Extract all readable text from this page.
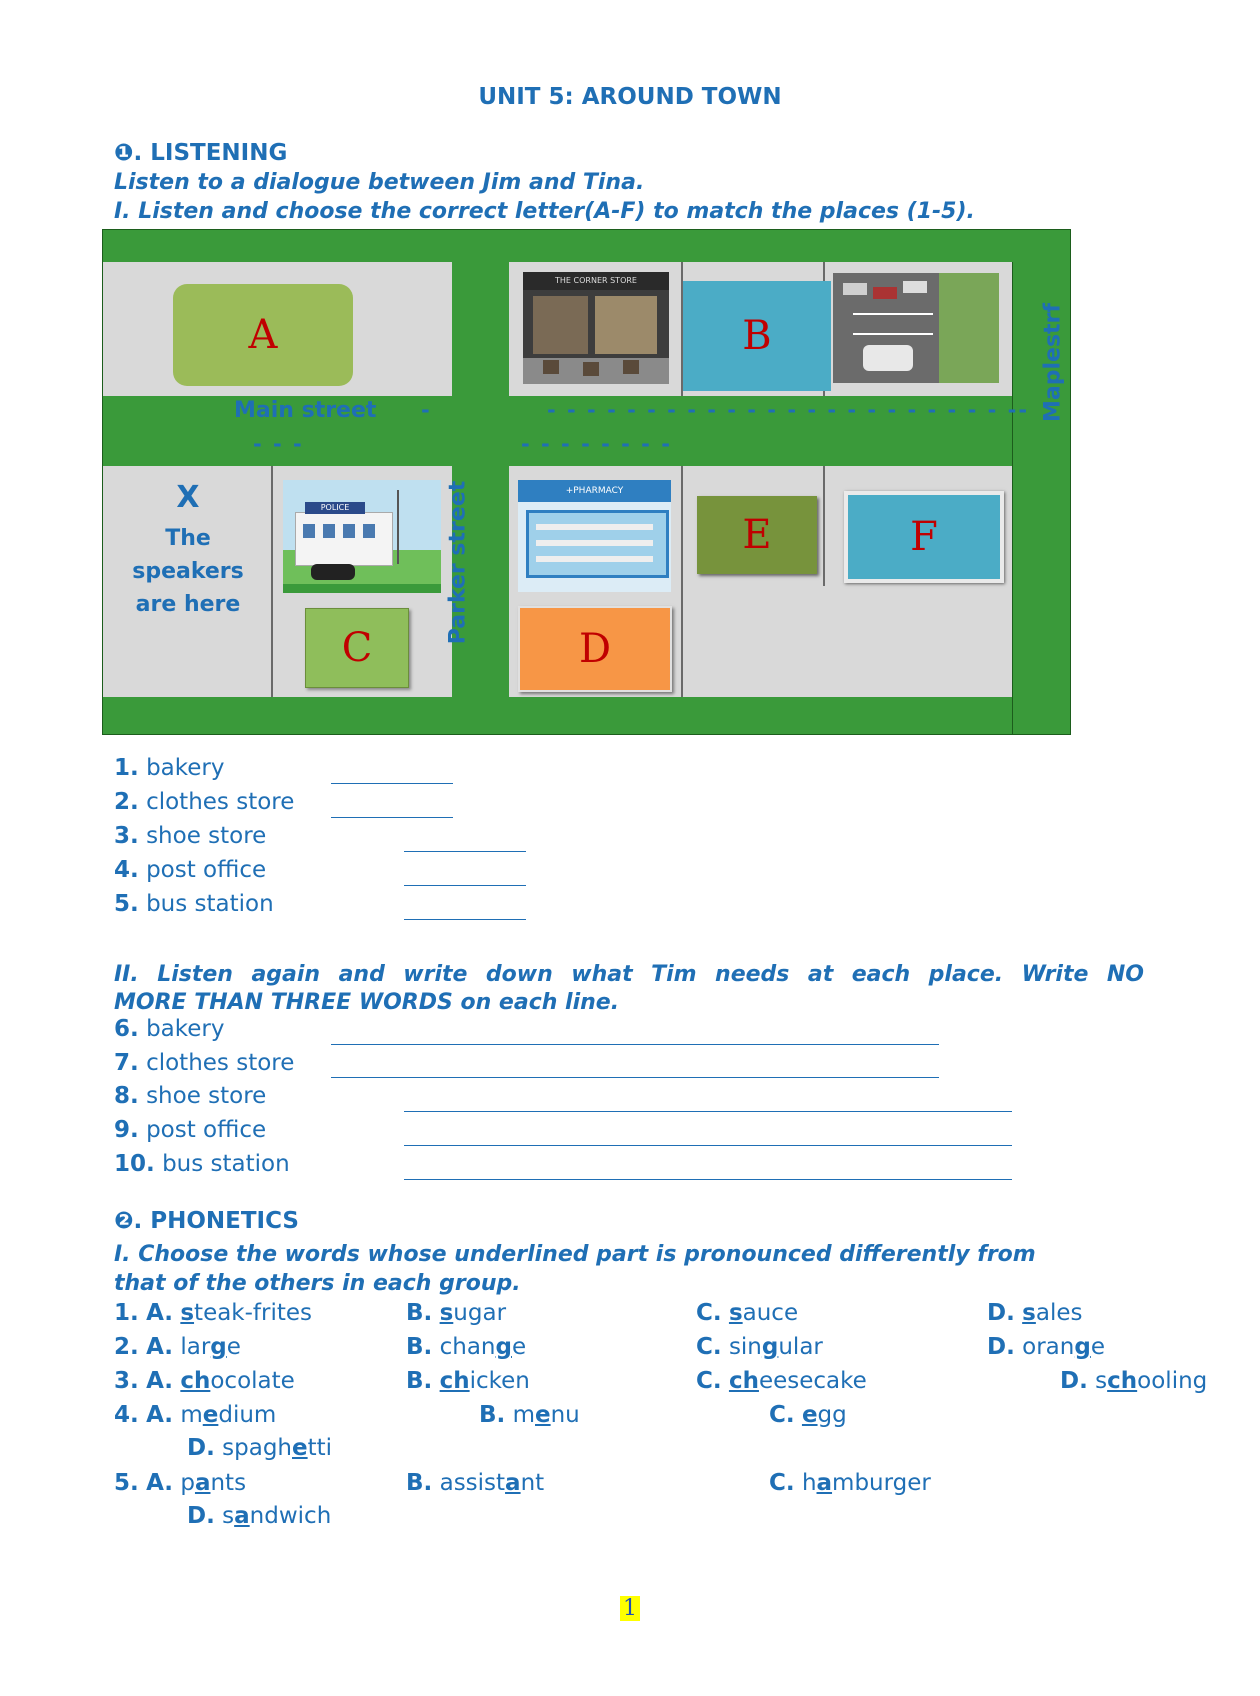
UNIT 5: AROUND TOWN
❶. LISTENING
Listen to a dialogue between Jim and Tina.
I. Listen and choose the correct letter(A-F) to match the places (1-5).
A	B
C	D
E	F
THE CORNER STORE
POLICE
+PHARMACY
X
The speakers are here
Main street -
- - -
- - - - - - - - - - - - - - - - - - - - - - - --
- - - - - - - -
Parker street
Maplestrf
1. bakery
2. clothes store
3. shoe store
4. post office
5. bus station
II. Listen again and write down what Tim needs at each place. Write NO
MORE THAN THREE WORDS on each line.
6. bakery
7. clothes store
8. shoe store
9. post office
10. bus station
❷. PHONETICS
I. Choose the words whose underlined part is pronounced differently from
that of the others in each group.
1. A. steak-frites	B. sugar	C. sauce	D. sales
2. A. large	B. change	C. singular	D. orange
3. A. chocolate	B. chicken	C. cheesecake	D. schooling
4. A. medium	B. menu	C. egg
D. spaghetti
5. A. pants	B. assistant	C. hamburger
D. sandwich
1
